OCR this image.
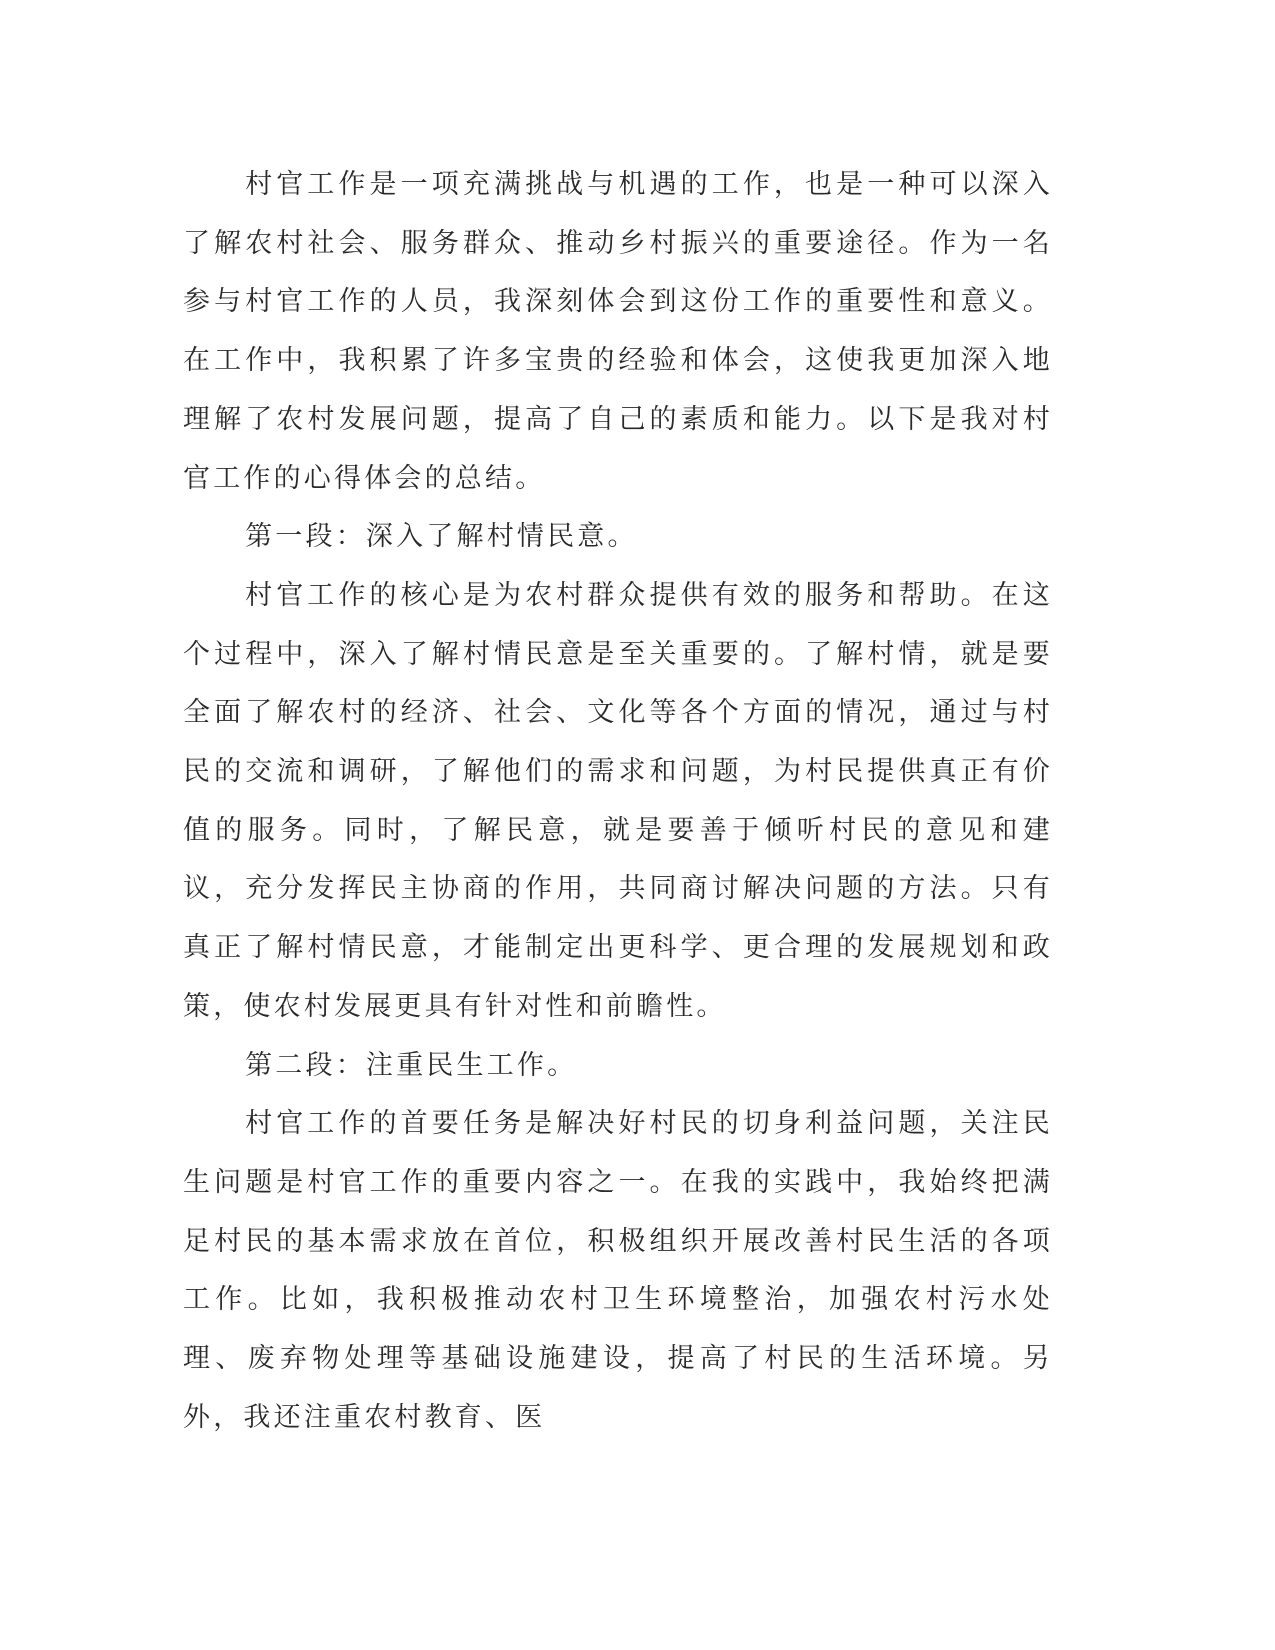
村官工作是一项充满挑战与机遇的工作，也是一种可以深入了解农村社会、服务群众、推动乡村振兴的重要途径。作为一名参与村官工作的人员，我深刻体会到这份工作的重要性和意义。在工作中，我积累了许多宝贵的经验和体会，这使我更加深入地理解了农村发展问题，提高了自己的素质和能力。以下是我对村官工作的心得体会的总结。

第一段：深入了解村情民意。

村官工作的核心是为农村群众提供有效的服务和帮助。在这个过程中，深入了解村情民意是至关重要的。了解村情，就是要全面了解农村的经济、社会、文化等各个方面的情况，通过与村民的交流和调研，了解他们的需求和问题，为村民提供真正有价值的服务。同时，了解民意，就是要善于倾听村民的意见和建议，充分发挥民主协商的作用，共同商讨解决问题的方法。只有真正了解村情民意，才能制定出更科学、更合理的发展规划和政策，使农村发展更具有针对性和前瞻性。

第二段：注重民生工作。

村官工作的首要任务是解决好村民的切身利益问题，关注民生问题是村官工作的重要内容之一。在我的实践中，我始终把满足村民的基本需求放在首位，积极组织开展改善村民生活的各项工作。比如，我积极推动农村卫生环境整治，加强农村污水处理、废弃物处理等基础设施建设，提高了村民的生活环境。另外，我还注重农村教育、医
